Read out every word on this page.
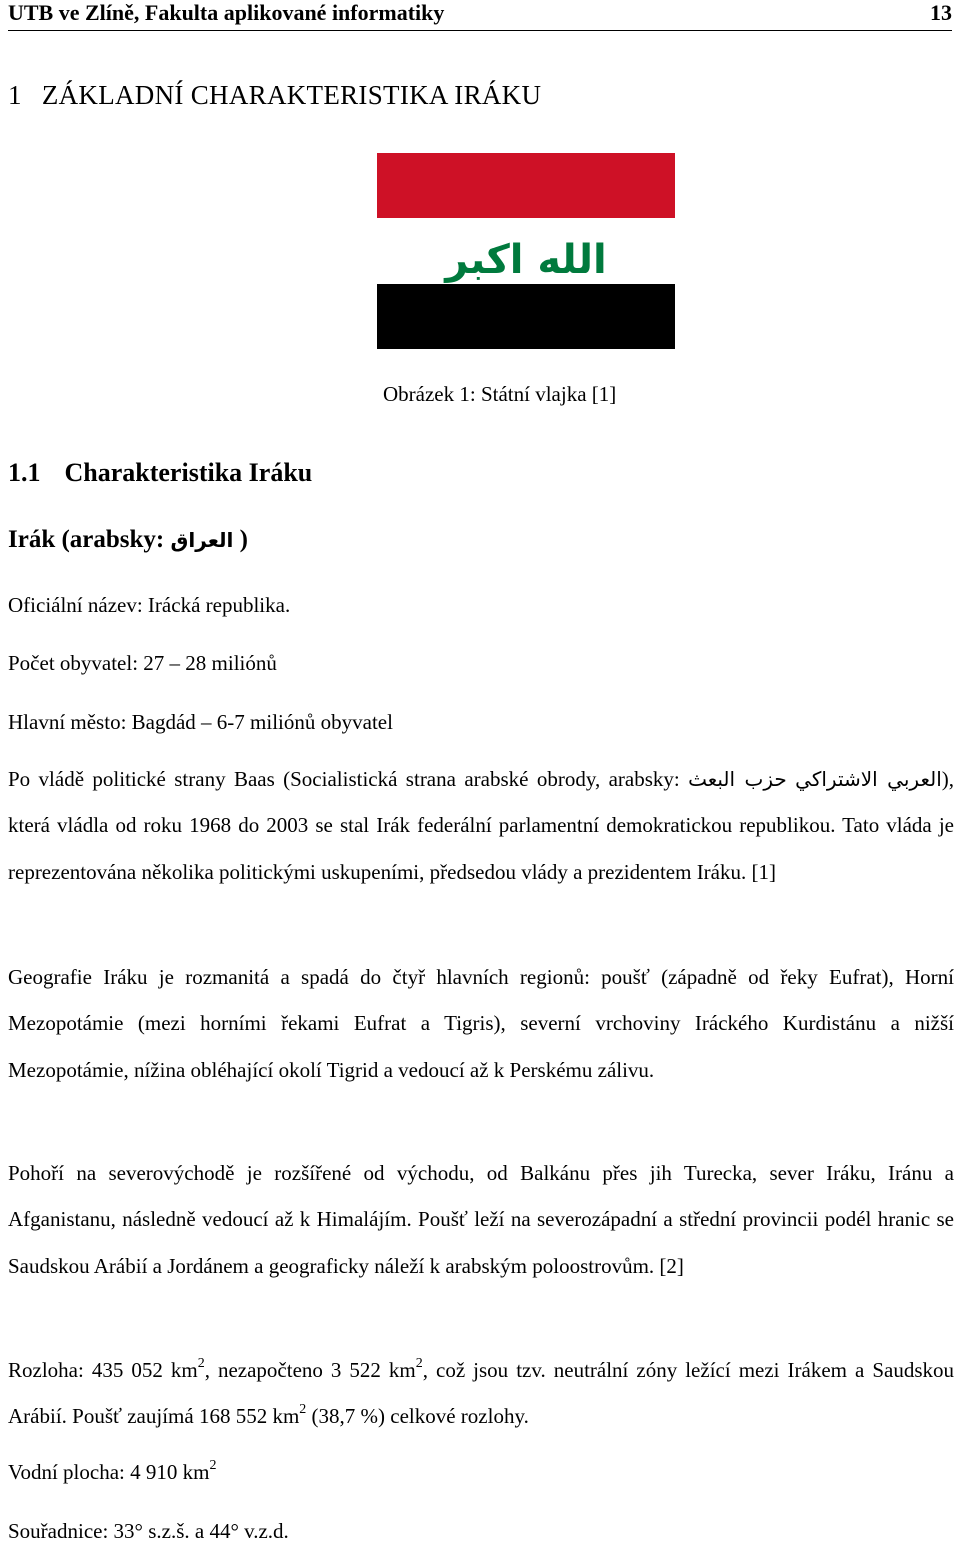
UTB ve Zlíně, Fakulta aplikované informatiky	13
1 ZÁKLADNÍ CHARAKTERISTIKA IRÁKU
الله اكبر
Obrázek 1: Státní vlajka [1]
1.1 Charakteristika Iráku
Irák (arabsky: العراق )
Oficiální název: Irácká republika.
Počet obyvatel: 27 – 28 miliónů
Hlavní město: Bagdád – 6-7 miliónů obyvatel
Po vládě politické strany Baas (Socialistická strana arabské obrody, arabsky: حزب البعث العربي الاشتراكي), která vládla od roku 1968 do 2003 se stal Irák federální parlamentní demokratickou republikou. Tato vláda je reprezentována několika politickými uskupeními, předsedou vlády a prezidentem Iráku. [1]
Geografie Iráku je rozmanitá a spadá do čtyř hlavních regionů: poušť (západně od řeky Eufrat), Horní Mezopotámie (mezi horními řekami Eufrat a Tigris), severní vrchoviny Iráckého Kurdistánu a nižší Mezopotámie, nížina obléhající okolí Tigrid a vedoucí až k Perskému zálivu.
Pohoří na severovýchodě je rozšířené od východu, od Balkánu přes jih Turecka, sever Iráku, Iránu a Afganistanu, následně vedoucí až k Himalájím. Poušť leží na severozápadní a střední provincii podél hranic se Saudskou Arábií a Jordánem a geograficky náleží k arabským poloostrovům. [2]
Rozloha: 435 052 $km^2$, nezapočteno 3 522 $km^2$, což jsou tzv. neutrální zóny ležící mezi Irákem a Saudskou Arábií. Poušť zaujímá 168 552 $km^2$ (38,7 %) celkové rozlohy.
Vodní plocha: 4 910 $km^2$
Souřadnice: 33° s.z.š. a 44° v.z.d.
